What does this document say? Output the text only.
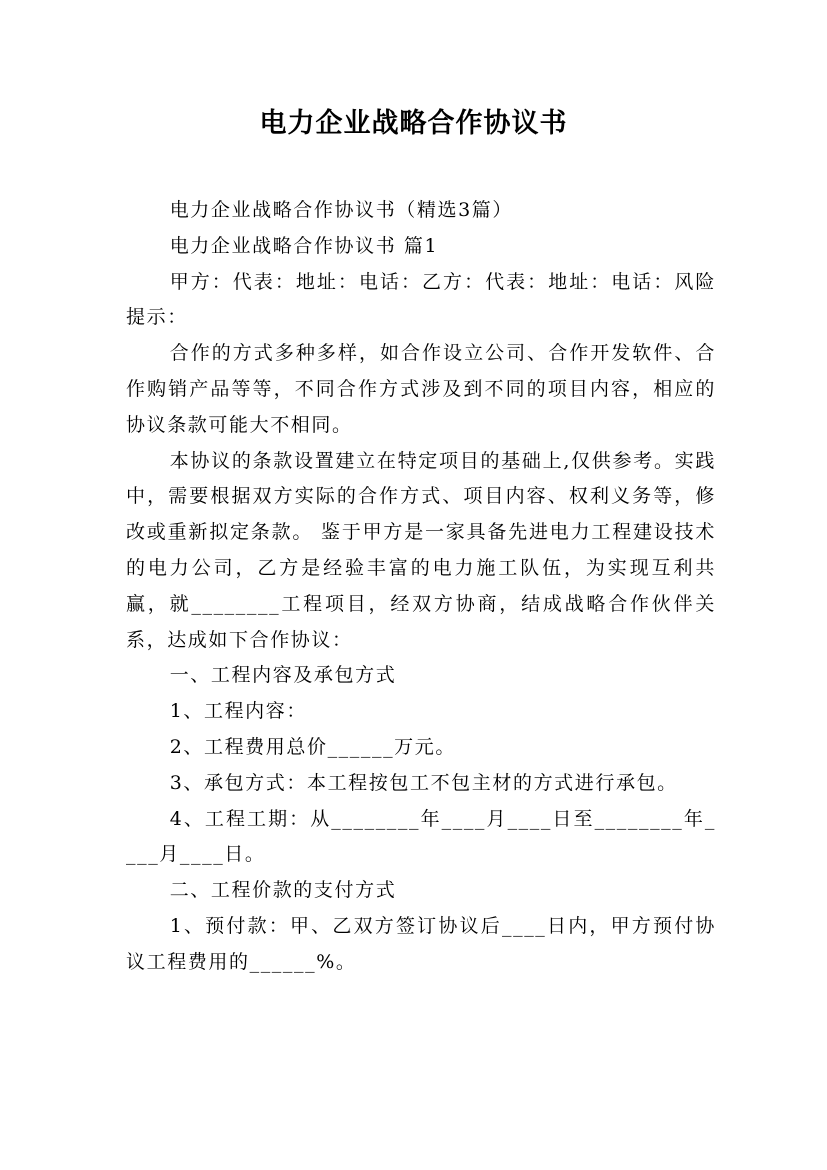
电力企业战略合作协议书

电力企业战略合作协议书（精选3篇）

电力企业战略合作协议书 篇1

甲方：代表：地址：电话：乙方：代表：地址：电话：风险提示：

合作的方式多种多样，如合作设立公司、合作开发软件、合作购销产品等等，不同合作方式涉及到不同的项目内容，相应的协议条款可能大不相同。

本协议的条款设置建立在特定项目的基础上,仅供参考。实践中，需要根据双方实际的合作方式、项目内容、权利义务等，修改或重新拟定条款。 鉴于甲方是一家具备先进电力工程建设技术的电力公司，乙方是经验丰富的电力施工队伍，为实现互利共赢，就________工程项目，经双方协商，结成战略合作伙伴关系，达成如下合作协议：

一、工程内容及承包方式

1、工程内容：

2、工程费用总价______万元。

3、承包方式：本工程按包工不包主材的方式进行承包。

4、工程工期：从________年____月____日至________年____月____日。

二、工程价款的支付方式

1、预付款：甲、乙双方签订协议后____日内，甲方预付协议工程费用的______%。
